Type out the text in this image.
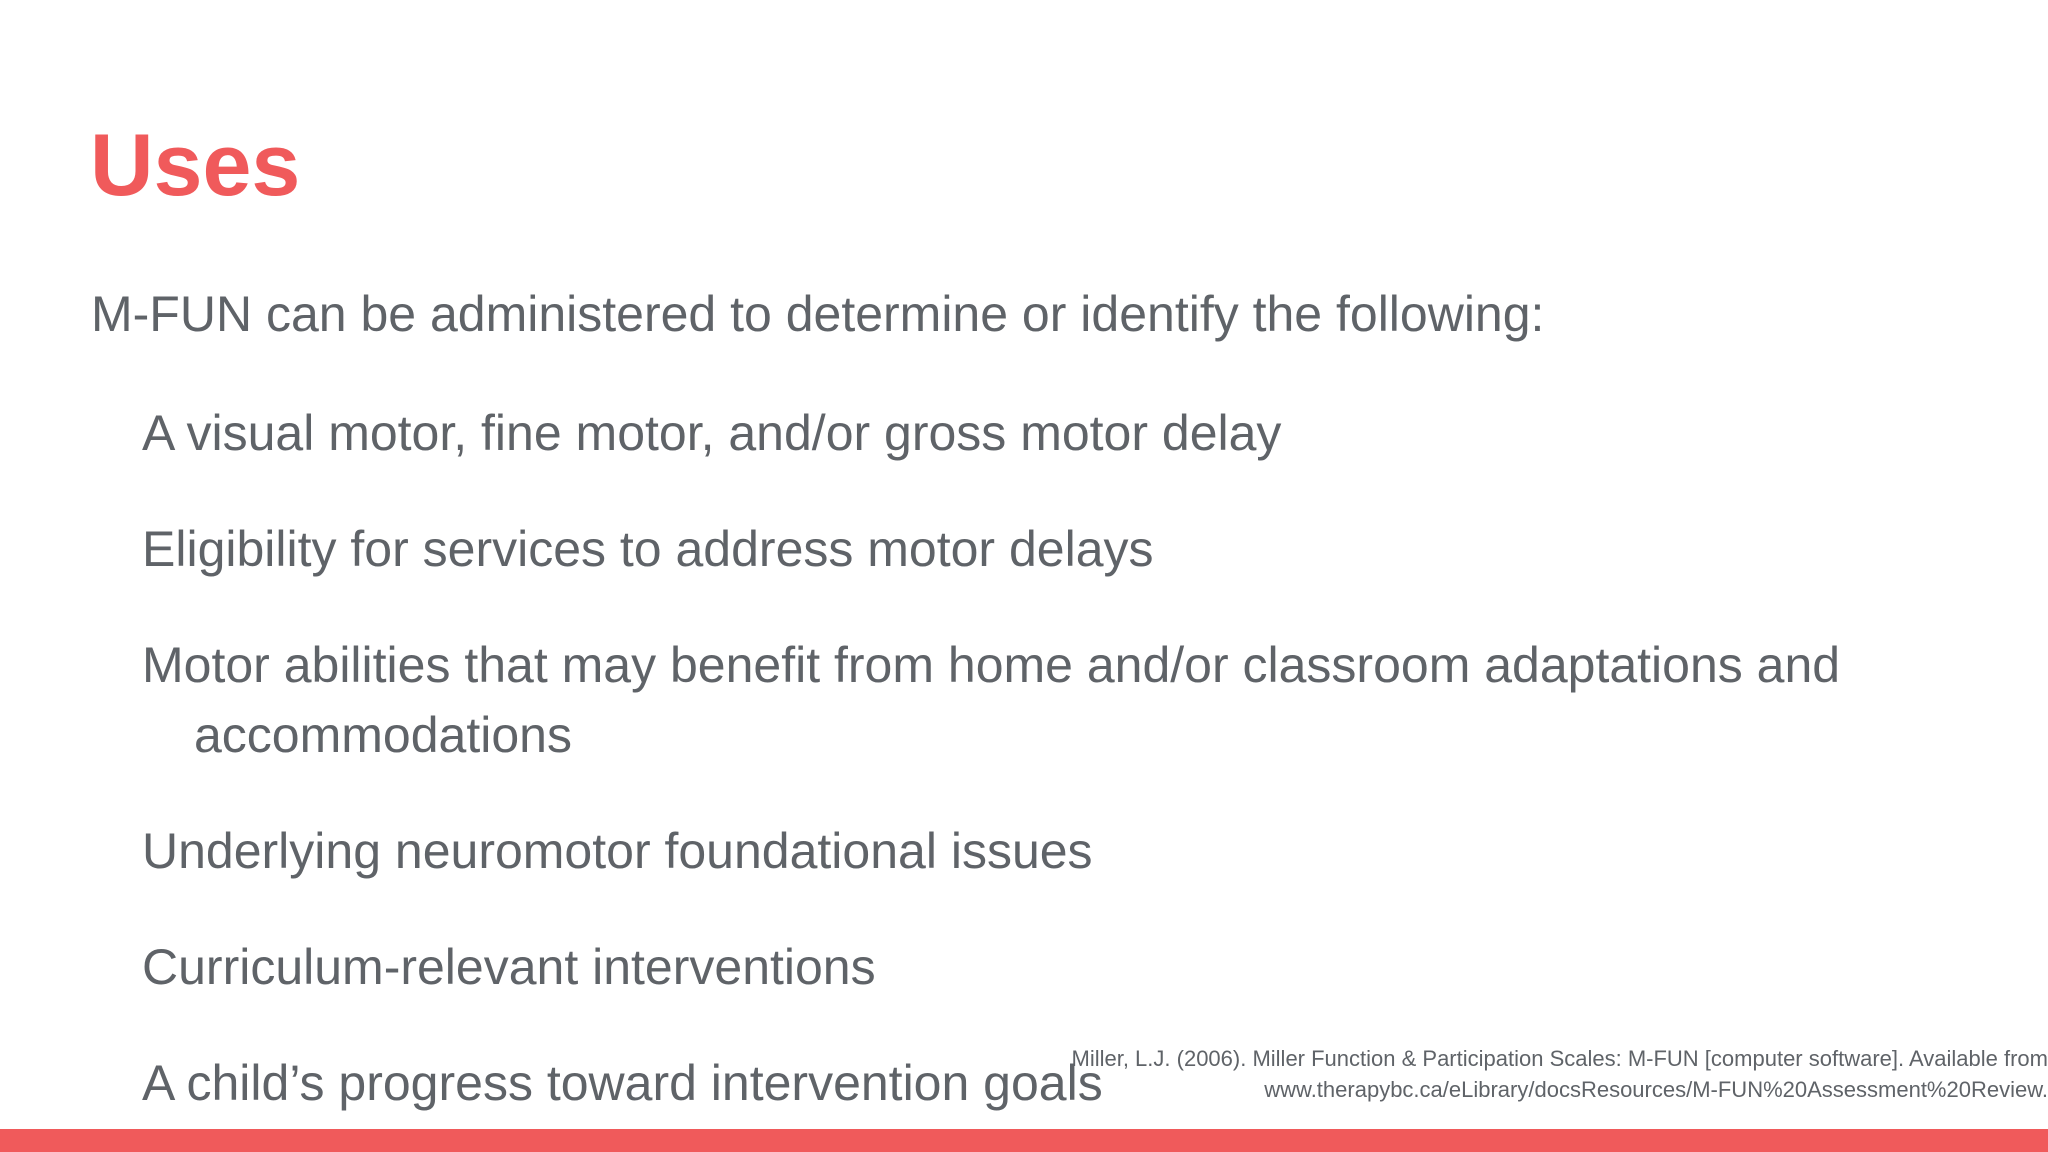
Uses

M-FUN can be administered to determine or identify the following:

A visual motor, fine motor, and/or gross motor delay
Eligibility for services to address motor delays
Motor abilities that may benefit from home and/or classroom adaptations and accommodations
Underlying neuromotor foundational issues
Curriculum-relevant interventions
A child’s progress toward intervention goals
Miller, L.J. (2006). Miller Function & Participation Scales: M-FUN [computer software]. Available from
www.therapybc.ca/eLibrary/docsResources/M-FUN%20Assessment%20Review.
